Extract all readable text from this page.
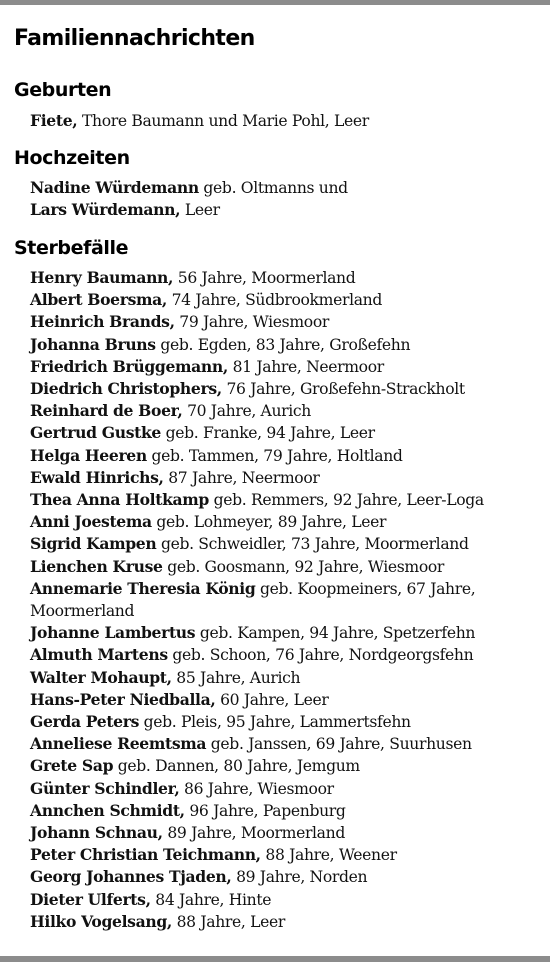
Familiennachrichten
Geburten
Fiete, Thore Baumann und Marie Pohl, Leer
Hochzeiten
Nadine Würdemann geb. Oltmanns und
Lars Würdemann, Leer
Sterbefälle
Henry Baumann, 56 Jahre, Moormerland
Albert Boersma, 74 Jahre, Südbrookmerland
Heinrich Brands, 79 Jahre, Wiesmoor
Johanna Bruns geb. Egden, 83 Jahre, Großefehn
Friedrich Brüggemann, 81 Jahre, Neermoor
Diedrich Christophers, 76 Jahre, Großefehn-Strackholt
Reinhard de Boer, 70 Jahre, Aurich
Gertrud Gustke geb. Franke, 94 Jahre, Leer
Helga Heeren geb. Tammen, 79 Jahre, Holtland
Ewald Hinrichs, 87 Jahre, Neermoor
Thea Anna Holtkamp geb. Remmers, 92 Jahre, Leer-Loga
Anni Joestema geb. Lohmeyer, 89 Jahre, Leer
Sigrid Kampen geb. Schweidler, 73 Jahre, Moormerland
Lienchen Kruse geb. Goosmann, 92 Jahre, Wiesmoor
Annemarie Theresia König geb. Koopmeiners, 67 Jahre, Moormerland
Johanne Lambertus geb. Kampen, 94 Jahre, Spetzerfehn
Almuth Martens geb. Schoon, 76 Jahre, Nordgeorgsfehn
Walter Mohaupt, 85 Jahre, Aurich
Hans-Peter Niedballa, 60 Jahre, Leer
Gerda Peters geb. Pleis, 95 Jahre, Lammertsfehn
Anneliese Reemtsma geb. Janssen, 69 Jahre, Suurhusen
Grete Sap geb. Dannen, 80 Jahre, Jemgum
Günter Schindler, 86 Jahre, Wiesmoor
Annchen Schmidt, 96 Jahre, Papenburg
Johann Schnau, 89 Jahre, Moormerland
Peter Christian Teichmann, 88 Jahre, Weener
Georg Johannes Tjaden, 89 Jahre, Norden
Dieter Ulferts, 84 Jahre, Hinte
Hilko Vogelsang, 88 Jahre, Leer
